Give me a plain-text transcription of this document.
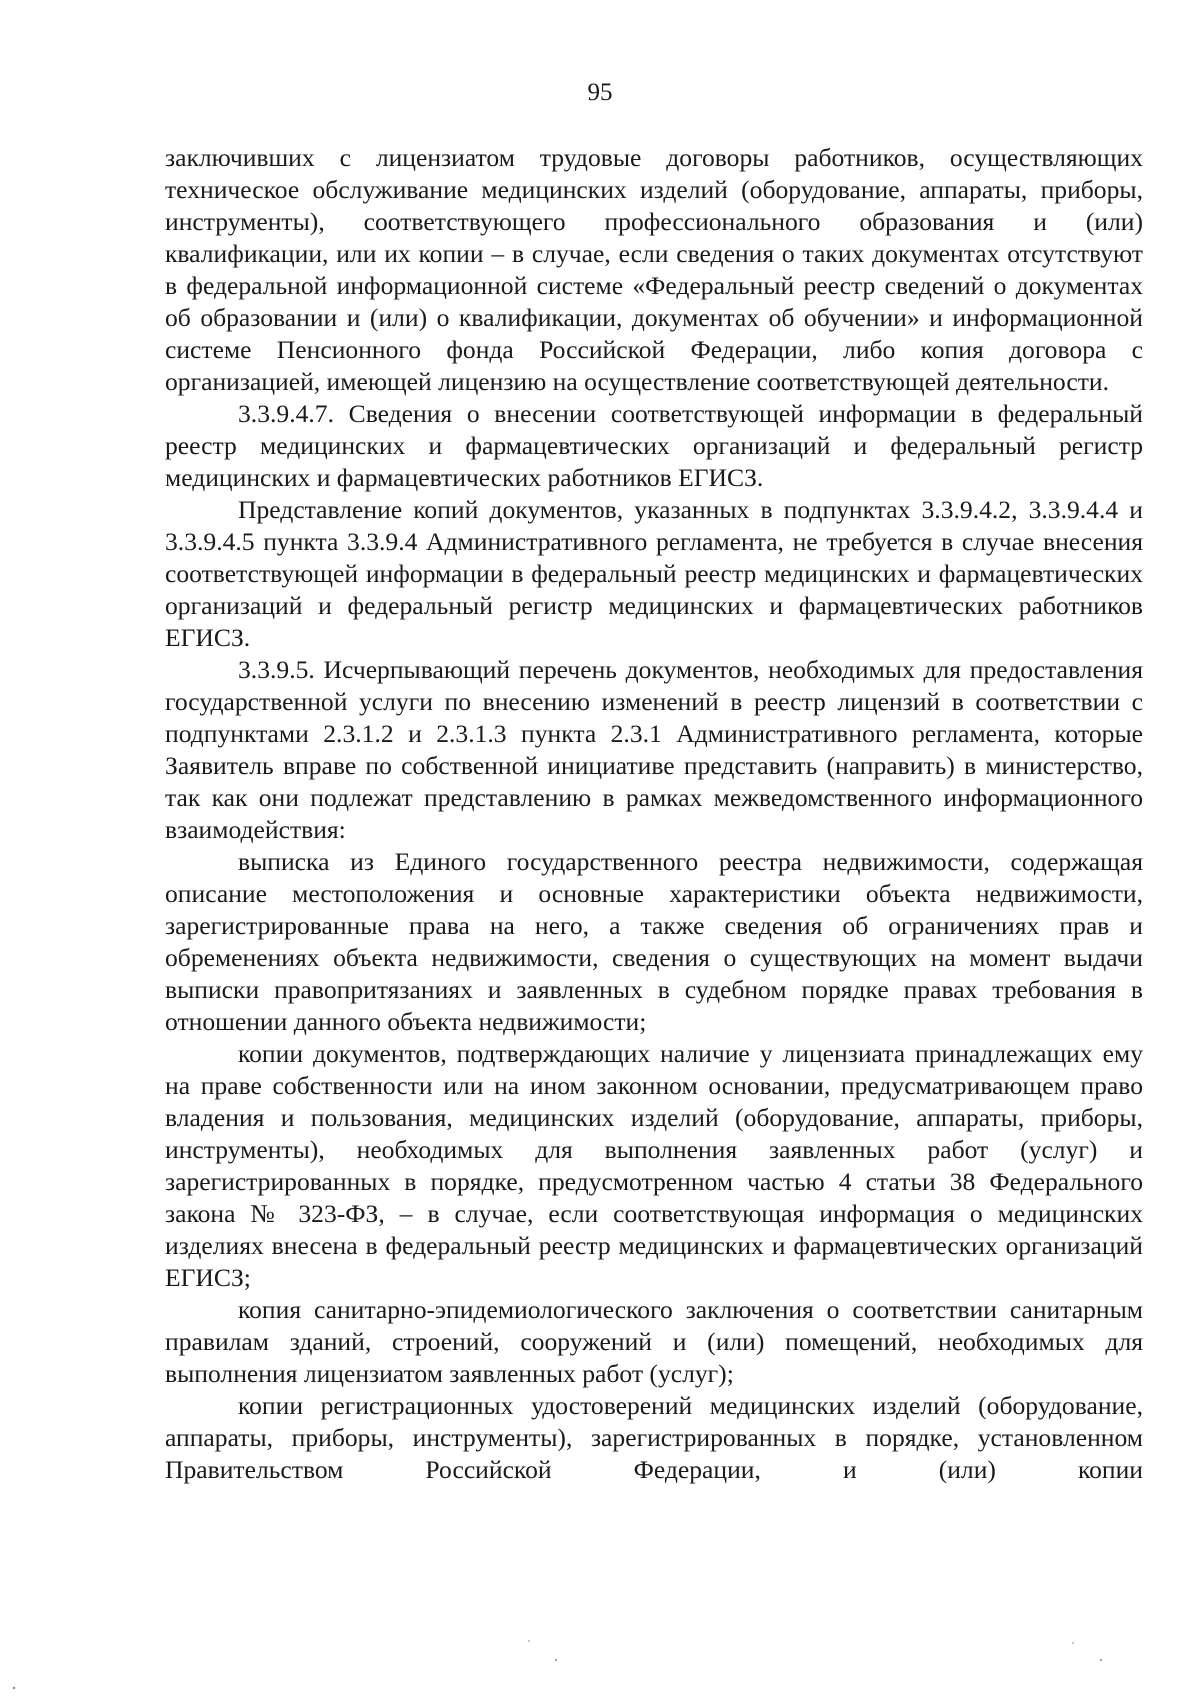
95

заключивших с лицензиатом трудовые договоры работников, осуществляющих техническое обслуживание медицинских изделий (оборудование, аппараты, приборы, инструменты), соответствующего профессионального образования и (или) квалификации, или их копии – в случае, если сведения о таких документах отсутствуют в федеральной информационной системе «Федеральный реестр сведений о документах об образовании и (или) о квалификации, документах об обучении» и информационной системе Пенсионного фонда Российской Федерации, либо копия договора с организацией, имеющей лицензию на осуществление соответствующей деятельности.

3.3.9.4.7. Сведения о внесении соответствующей информации в федеральный реестр медицинских и фармацевтических организаций и федеральный регистр медицинских и фармацевтических работников ЕГИСЗ.

Представление копий документов, указанных в подпунктах 3.3.9.4.2, 3.3.9.4.4 и 3.3.9.4.5 пункта 3.3.9.4 Административного регламента, не требуется в случае внесения соответствующей информации в федеральный реестр медицинских и фармацевтических организаций и федеральный регистр медицинских и фармацевтических работников ЕГИСЗ.

3.3.9.5. Исчерпывающий перечень документов, необходимых для предоставления государственной услуги по внесению изменений в реестр лицензий в соответствии с подпунктами 2.3.1.2 и 2.3.1.3 пункта 2.3.1 Административного регламента, которые Заявитель вправе по собственной инициативе представить (направить) в министерство, так как они подлежат представлению в рамках межведомственного информационного взаимодействия:

выписка из Единого государственного реестра недвижимости, содержащая описание местоположения и основные характеристики объекта недвижимости, зарегистрированные права на него, а также сведения об ограничениях прав и обременениях объекта недвижимости, сведения о существующих на момент выдачи выписки правопритязаниях и заявленных в судебном порядке правах требования в отношении данного объекта недвижимости;

копии документов, подтверждающих наличие у лицензиата принадлежащих ему на праве собственности или на ином законном основании, предусматривающем право владения и пользования, медицинских изделий (оборудование, аппараты, приборы, инструменты), необходимых для выполнения заявленных работ (услуг) и зарегистрированных в порядке, предусмотренном частью 4 статьи 38 Федерального закона № 323-ФЗ, – в случае, если соответствующая информация о медицинских изделиях внесена в федеральный реестр медицинских и фармацевтических организаций ЕГИСЗ;

копия санитарно-эпидемиологического заключения о соответствии санитарным правилам зданий, строений, сооружений и (или) помещений, необходимых для выполнения лицензиатом заявленных работ (услуг);

копии регистрационных удостоверений медицинских изделий (оборудование, аппараты, приборы, инструменты), зарегистрированных в порядке, установленном Правительством Российской Федерации, и (или) копии
